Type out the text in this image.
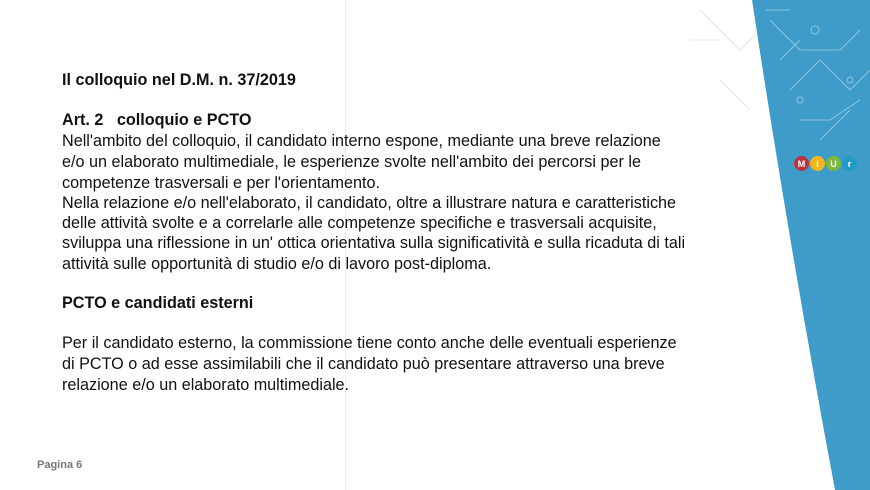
M	i	U	r
Il colloquio nel D.M. n. 37/2019
Art. 2   colloquio e PCTO
Nell'ambito del colloquio, il candidato interno espone, mediante una breve relazione
e/o un elaborato multimediale, le esperienze svolte nell'ambito dei percorsi per le
competenze trasversali e per l'orientamento.
Nella relazione e/o nell'elaborato, il candidato, oltre a illustrare natura e caratteristiche
delle attività svolte e a correlarle alle competenze specifiche e trasversali acquisite,
sviluppa una riflessione in un' ottica orientativa sulla significatività e sulla ricaduta di tali
attività sulle opportunità di studio e/o di lavoro post-diploma.
PCTO e candidati esterni
Per il candidato esterno, la commissione tiene conto anche delle eventuali esperienze
di PCTO o ad esse assimilabili che il candidato può presentare attraverso una breve
relazione e/o un elaborato multimediale.
Pagina 6
